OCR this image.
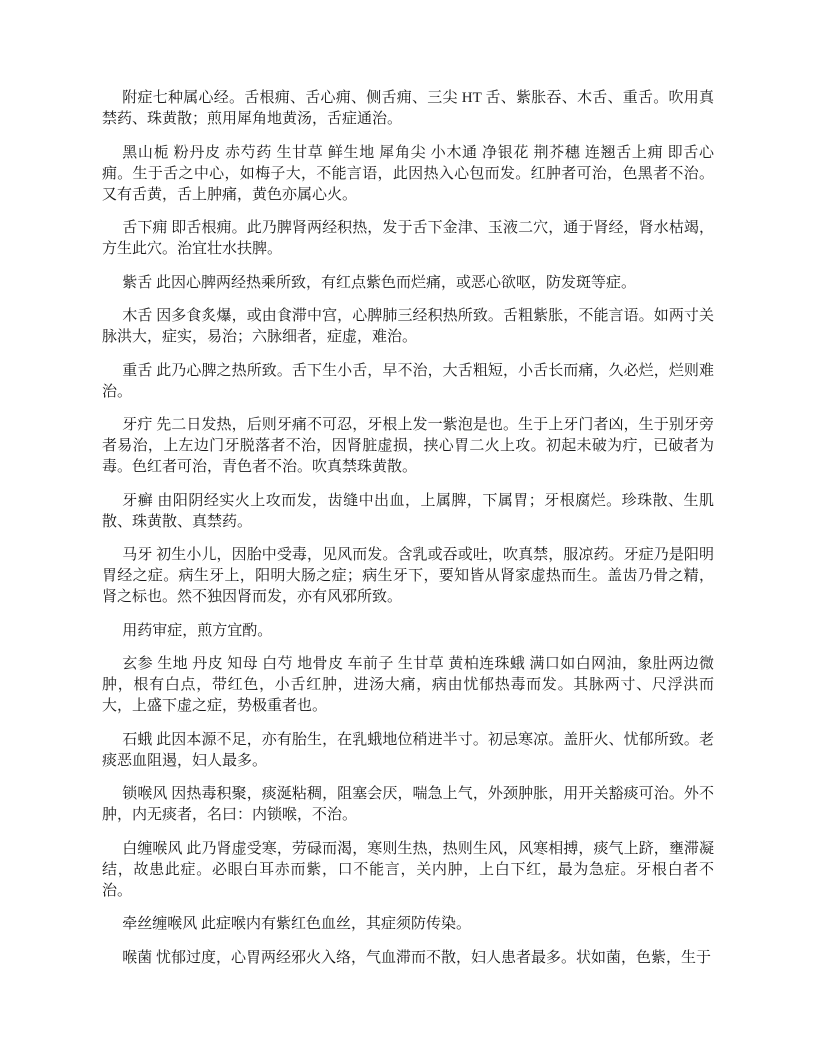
附症七种属心经。舌根痈、舌心痈、侧舌痈、三尖 HT 舌、紫胀吞、木舌、重舌。吹用真禁药、珠黄散；煎用犀角地黄汤，舌症通治。

黑山栀 粉丹皮 赤芍药 生甘草 鲜生地 犀角尖 小木通 净银花 荆芥穗 连翘舌上痈 即舌心痈。生于舌之中心，如梅子大，不能言语，此因热入心包而发。红肿者可治，色黑者不治。又有舌黄，舌上肿痛，黄色亦属心火。

舌下痈 即舌根痈。此乃脾肾两经积热，发于舌下金津、玉液二穴，通于肾经，肾水枯竭，方生此穴。治宜壮水扶脾。

紫舌 此因心脾两经热乘所致，有红点紫色而烂痛，或恶心欲呕，防发斑等症。

木舌 因多食炙爆，或由食滞中宫，心脾肺三经积热所致。舌粗紫胀，不能言语。如两寸关脉洪大，症实，易治；六脉细者，症虚，难治。

重舌 此乃心脾之热所致。舌下生小舌，早不治，大舌粗短，小舌长而痛，久必烂，烂则难治。

牙疔 先二日发热，后则牙痛不可忍，牙根上发一紫泡是也。生于上牙门者凶，生于别牙旁者易治，上左边门牙脱落者不治，因肾脏虚损，挟心胃二火上攻。初起未破为疔，已破者为毒。色红者可治，青色者不治。吹真禁珠黄散。

牙癣 由阳阴经实火上攻而发，齿缝中出血，上属脾，下属胃；牙根腐烂。珍珠散、生肌散、珠黄散、真禁药。

马牙 初生小儿，因胎中受毒，见风而发。含乳或吞或吐，吹真禁，服凉药。牙症乃是阳明胃经之症。病生牙上，阳明大肠之症；病生牙下，要知皆从肾家虚热而生。盖齿乃骨之精，肾之标也。然不独因肾而发，亦有风邪所致。

用药审症，煎方宜酌。

玄参 生地 丹皮 知母 白芍 地骨皮 车前子 生甘草 黄柏连珠蛾 满口如白网油，象肚两边微肿，根有白点，带红色，小舌红肿，进汤大痛，病由忧郁热毒而发。其脉两寸、尺浮洪而大，上盛下虚之症，势极重者也。

石蛾 此因本源不足，亦有胎生，在乳蛾地位稍进半寸。初忌寒凉。盖肝火、忧郁所致。老痰恶血阻遏，妇人最多。

锁喉风 因热毒积聚，痰涎粘稠，阻塞会厌，喘急上气，外颈肿胀，用开关豁痰可治。外不肿，内无痰者，名曰：内锁喉，不治。

白缠喉风 此乃肾虚受寒，劳碌而渴，寒则生热，热则生风，风寒相搏，痰气上跻，壅滞凝结，故患此症。必眼白耳赤而紫，口不能言，关内肿，上白下红，最为急症。牙根白者不治。

牵丝缠喉风 此症喉内有紫红色血丝，其症须防传染。

喉菌 忧郁过度，心胃两经邪火入络，气血滞而不散，妇人患者最多。状如菌，色紫，生于
